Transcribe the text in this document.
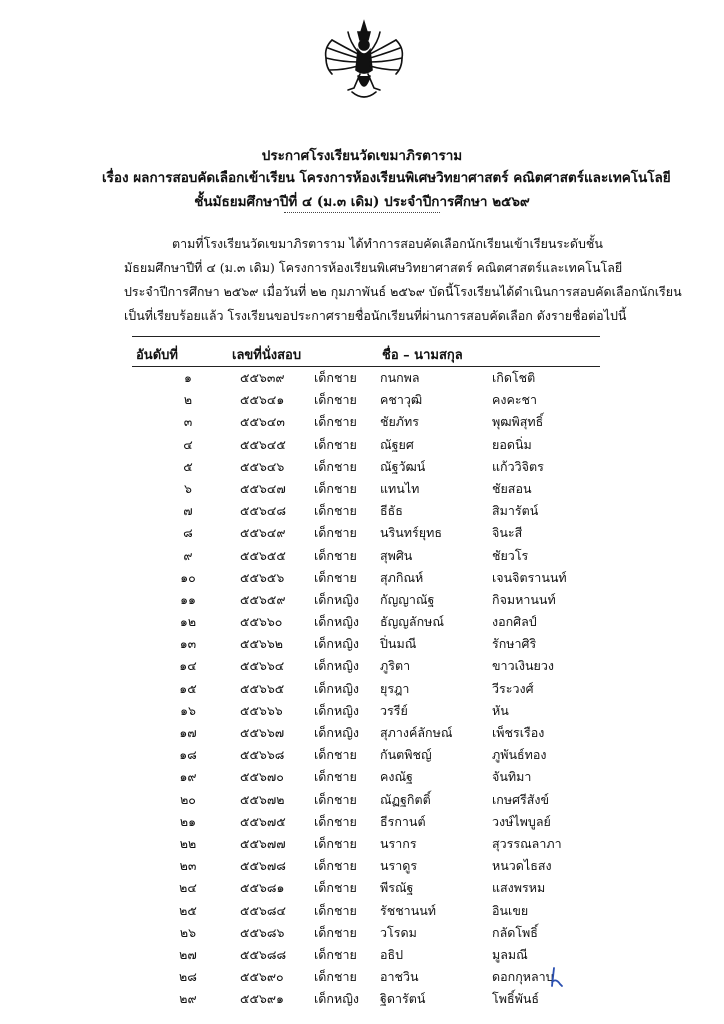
ประกาศโรงเรียนวัดเขมาภิรตาราม
เรื่อง ผลการสอบคัดเลือกเข้าเรียน โครงการห้องเรียนพิเศษวิทยาศาสตร์ คณิตศาสตร์และเทคโนโลยี
ชั้นมัธยมศึกษาปีที่ ๔ (ม.๓ เดิม) ประจำปีการศึกษา ๒๕๖๙
ตามที่โรงเรียนวัดเขมาภิรตาราม ได้ทำการสอบคัดเลือกนักเรียนเข้าเรียนระดับชั้น
มัธยมศึกษาปีที่ ๔ (ม.๓ เดิม) โครงการห้องเรียนพิเศษวิทยาศาสตร์ คณิตศาสตร์และเทคโนโลยี
ประจำปีการศึกษา ๒๕๖๙ เมื่อวันที่ ๒๒ กุมภาพันธ์ ๒๕๖๙ บัดนี้โรงเรียนได้ดำเนินการสอบคัดเลือกนักเรียน
เป็นที่เรียบร้อยแล้ว โรงเรียนขอประกาศรายชื่อนักเรียนที่ผ่านการสอบคัดเลือก ดังรายชื่อต่อไปนี้
อันดับที่	เลขที่นั่งสอบ	ชื่อ – นามสกุล
๑	๕๕๖๓๙	เด็กชาย	กนกพล	เกิดโชติ
๒	๕๕๖๔๑	เด็กชาย	คชาวุฒิ	คงคะชา
๓	๕๕๖๔๓	เด็กชาย	ชัยภัทร	พุฒพิสุทธิ์
๔	๕๕๖๔๕	เด็กชาย	ณัฐยศ	ยอดนิ่ม
๕	๕๕๖๔๖	เด็กชาย	ณัฐวัฒน์	แก้ววิจิตร
๖	๕๕๖๔๗	เด็กชาย	แทนไท	ชัยสอน
๗	๕๕๖๔๘	เด็กชาย	ธีธัธ	สิมารัตน์
๘	๕๕๖๔๙	เด็กชาย	นรินทร์ยุทธ	จินะสี
๙	๕๕๖๕๕	เด็กชาย	สุพศิน	ชัยวโร
๑๐	๕๕๖๕๖	เด็กชาย	สุภกิณห์	เจนจิตรานนท์
๑๑	๕๕๖๕๙	เด็กหญิง	กัญญาณัฐ	กิจมหานนท์
๑๒	๕๕๖๖๐	เด็กหญิง	ธัญญลักษณ์	งอกศิลป์
๑๓	๕๕๖๖๒	เด็กหญิง	ปิ่นมณี	รักษาศิริ
๑๔	๕๕๖๖๔	เด็กหญิง	ภูริตา	ขาวเงินยวง
๑๕	๕๕๖๖๕	เด็กหญิง	ยุรฎา	วีระวงศ์
๑๖	๕๕๖๖๖	เด็กหญิง	วรรีย์	หัน
๑๗	๕๕๖๖๗	เด็กหญิง	สุภางค์ลักษณ์	เพ็ชรเรือง
๑๘	๕๕๖๖๘	เด็กชาย	กันตพิชญ์	ภูพันธ์ทอง
๑๙	๕๕๖๗๐	เด็กชาย	คงณัฐ	จันทิมา
๒๐	๕๕๖๗๒	เด็กชาย	ณัฏฐกิตติ์	เกษศรีสังข์
๒๑	๕๕๖๗๕	เด็กชาย	ธีรกานต์	วงษ์ไพบูลย์
๒๒	๕๕๖๗๗	เด็กชาย	นรากร	สุวรรณลาภา
๒๓	๕๕๖๗๘	เด็กชาย	นราดูร	หนวดไธสง
๒๔	๕๕๖๘๑	เด็กชาย	พีรณัฐ	แสงพรหม
๒๕	๕๕๖๘๔	เด็กชาย	รัชชานนท์	อินเขย
๒๖	๕๕๖๘๖	เด็กชาย	วโรดม	กลัดโพธิ์
๒๗	๕๕๖๘๘	เด็กชาย	อธิป	มูลมณี
๒๘	๕๕๖๙๐	เด็กชาย	อาชวิน	ดอกกุหลาบ
๒๙	๕๕๖๙๑	เด็กหญิง	ฐิดารัตน์	โพธิ์พันธ์
